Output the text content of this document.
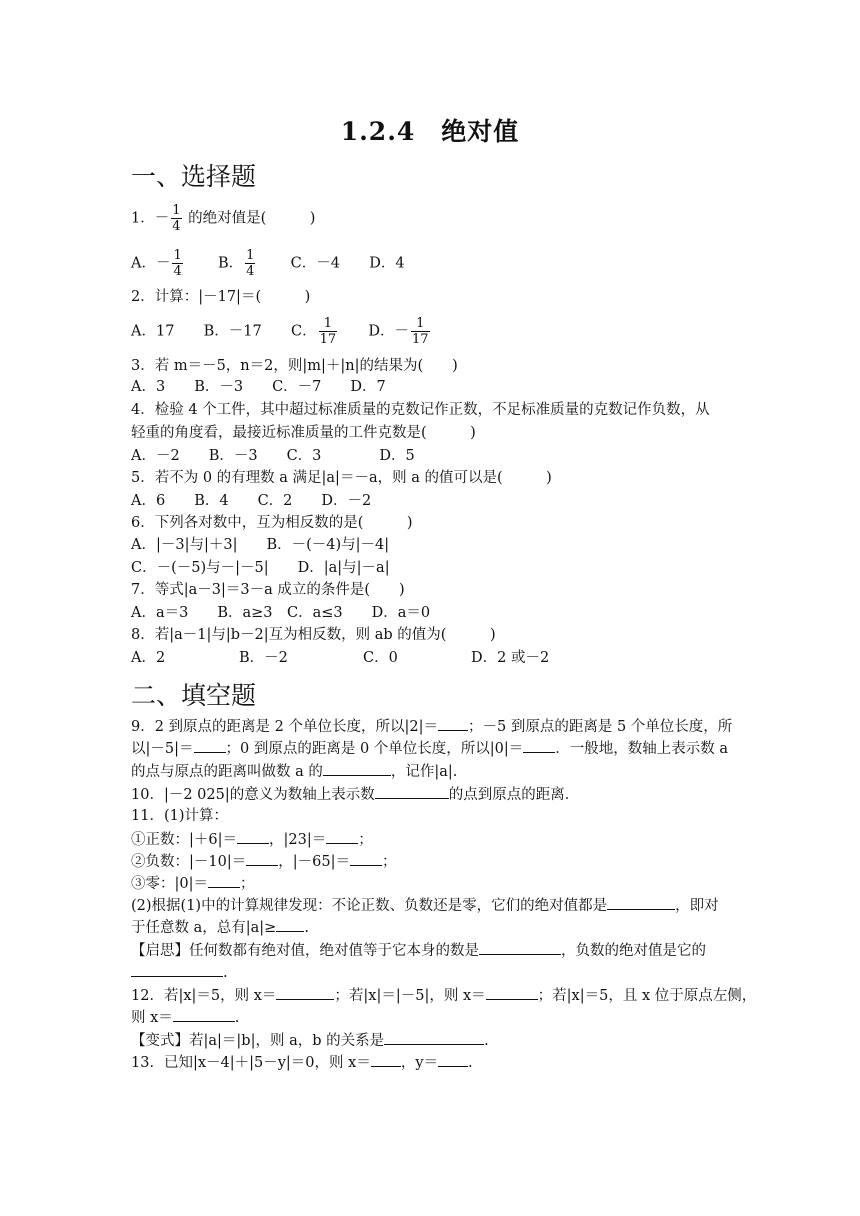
1.2.4　绝对值
一、选择题
1．－ $\frac{1}{4}$ 的绝对值是(　　　)
A．－ $\frac{1}{4}$ B． $\frac{1}{4}$ C．－4 D．4
2．计算：|－17|＝(　　　)
A．17 B．－17 C． $\frac{1}{17}$ D．－ $\frac{1}{17}$
3．若 m＝－5，n＝2，则|m|＋|n|的结果为(　　)
A．3　　B．－3　　C．－7　　D．7
4．检验 4 个工件，其中超过标准质量的克数记作正数，不足标准质量的克数记作负数，从
轻重的角度看，最接近标准质量的工件克数是(　　　)
A．－2　　B．－3　　C．3　　　　D．5
5．若不为 0 的有理数 a 满足|a|＝－a，则 a 的值可以是(　　　)
A．6　　B．4　　C．2　　D．－2
6．下列各对数中，互为相反数的是(　　　)
A．|－3|与|＋3|　　B．－(－4)与|－4|
C．－(－5)与－|－5|　　D．|a|与|－a|
7．等式|a－3|＝3－a 成立的条件是(　　)
A．a＝3　　B．a≥3　C．a≤3　　D．a＝0
8．若|a－1|与|b－2|互为相反数，则 ab 的值为(　　　)
A．2	B．－2	C．0	D．2 或－2
二、填空题
9．2 到原点的距离是 2 个单位长度，所以|2|＝ ；－5 到原点的距离是 5 个单位长度，所
以|－5|＝ ；0 到原点的距离是 0 个单位长度，所以|0|＝ ．一般地，数轴上表示数 a
的点与原点的距离叫做数 a 的	，记作|a|.
10．|－2 025|的意义为数轴上表示数	的点到原点的距离．
11．(1)计算：
①正数：|＋6|＝ ，|23|＝ ；
②负数：|－10|＝ ，|－65|＝ ；
③零：|0|＝ ；
(2)根据(1)中的计算规律发现：不论正数、负数还是零，它们的绝对值都是	，即对
于任意数 a，总有|a|≥ .
【启思】任何数都有绝对值，绝对值等于它本身的数是	，负数的绝对值是它的
.
12．若|x|＝5，则 x＝	；若|x|＝|－5|，则 x＝	；若|x|＝5，且 x 位于原点左侧，
则 x＝	.
【变式】若|a|＝|b|，则 a，b 的关系是	.
13．已知|x－4|＋|5－y|＝0，则 x＝ ，y＝ .
